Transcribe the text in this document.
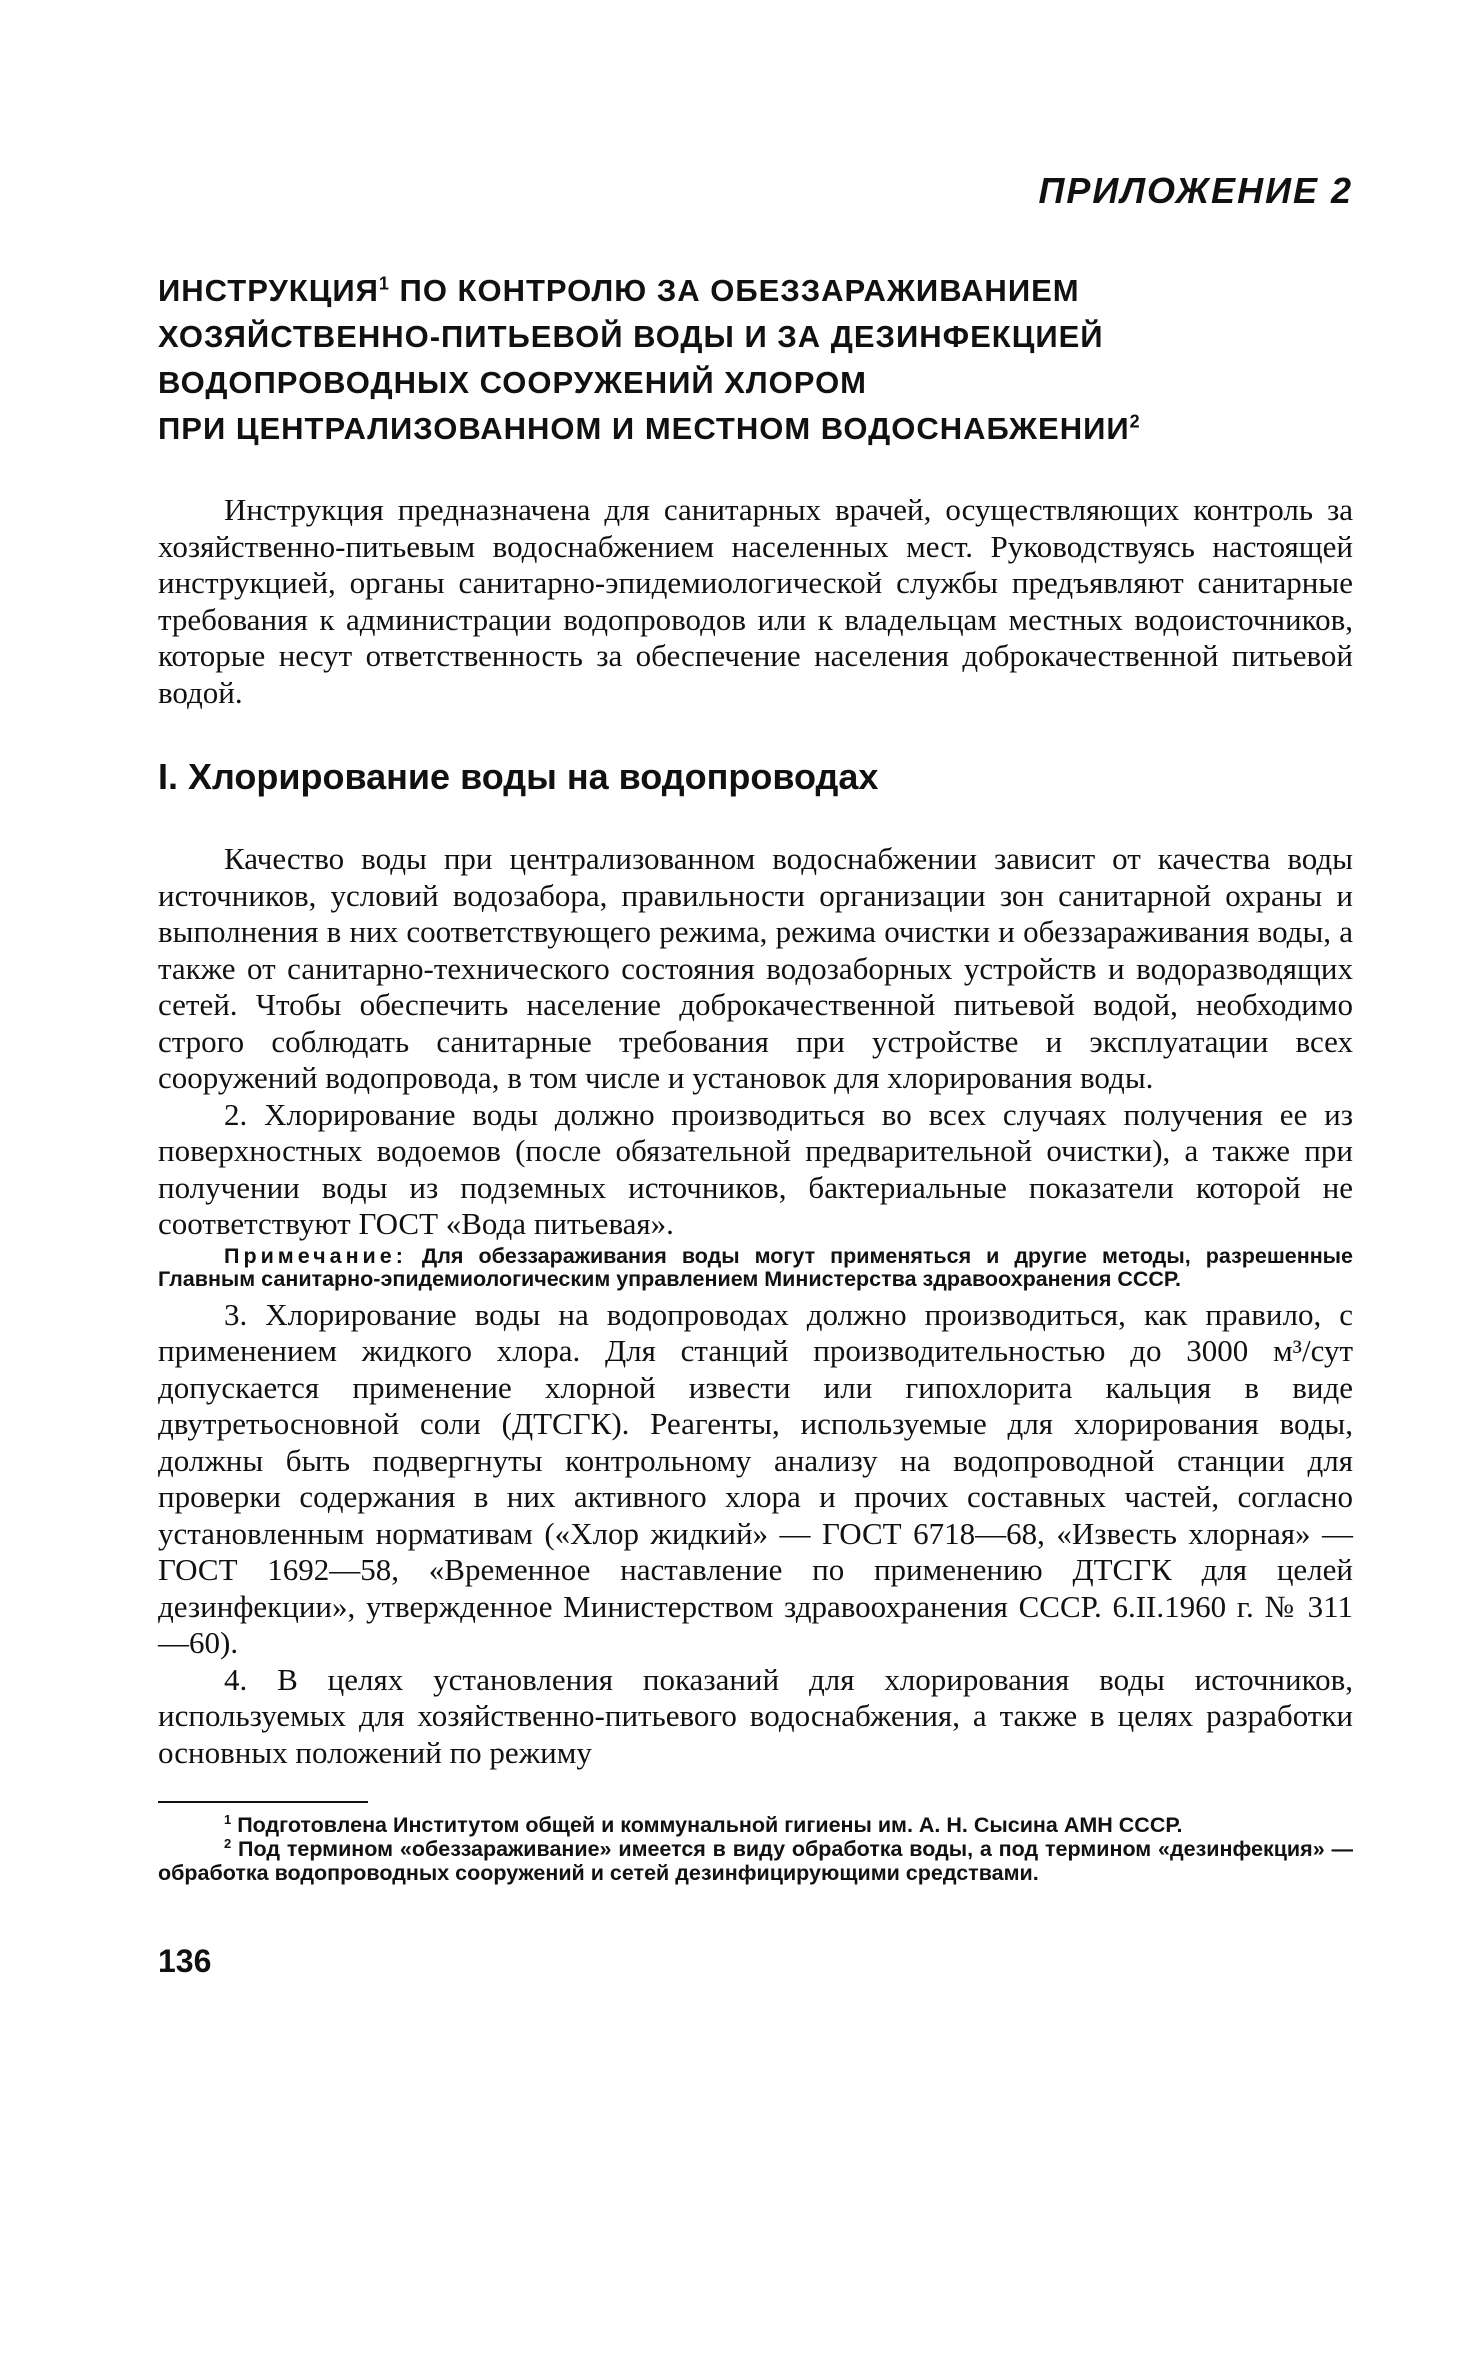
ПРИЛОЖЕНИЕ 2
ИНСТРУКЦИЯ$^1$ ПО КОНТРОЛЮ ЗА ОБЕЗЗАРАЖИВАНИЕМ
ХОЗЯЙСТВЕННО-ПИТЬЕВОЙ ВОДЫ И ЗА ДЕЗИНФЕКЦИЕЙ
ВОДОПРОВОДНЫХ СООРУЖЕНИЙ ХЛОРОМ
ПРИ ЦЕНТРАЛИЗОВАННОМ И МЕСТНОМ ВОДОСНАБЖЕНИИ$^2$

Инструкция предназначена для санитарных врачей, осуществляющих контроль за хозяйственно-питьевым водоснабжением населенных мест. Руководствуясь настоящей инструкцией, органы санитарно-эпидемиологической службы предъявляют санитарные требования к администрации водопроводов или к владельцам местных водоисточников, которые несут ответственность за обеспечение населения доброкачественной питьевой водой.

I. Хлорирование воды на водопроводах

Качество воды при централизованном водоснабжении зависит от качества воды источников, условий водозабора, правильности организации зон санитарной охраны и выполнения в них соответствующего режима, режима очистки и обеззараживания воды, а также от санитарно-технического состояния водозаборных устройств и водоразводящих сетей. Чтобы обеспечить население доброкачественной питьевой водой, необходимо строго соблюдать санитарные требования при устройстве и эксплуатации всех сооружений водопровода, в том числе и установок для хлорирования воды.

2. Хлорирование воды должно производиться во всех случаях получения ее из поверхностных водоемов (после обязательной предварительной очистки), а также при получении воды из подземных источников, бактериальные показатели которой не соответствуют ГОСТ «Вода питьевая».

Примечание: Для обеззараживания воды могут применяться и другие методы, разрешенные Главным санитарно-эпидемиологическим управлением Министерства здравоохранения СССР.

3. Хлорирование воды на водопроводах должно производиться, как правило, с применением жидкого хлора. Для станций производительностью до 3000 м³/сут допускается применение хлорной извести или гипохлорита кальция в виде двутретьосновной соли (ДТСГК). Реагенты, используемые для хлорирования воды, должны быть подвергнуты контрольному анализу на водопроводной станции для проверки содержания в них активного хлора и прочих составных частей, согласно установленным нормативам («Хлор жидкий» — ГОСТ 6718—68, «Известь хлорная» — ГОСТ 1692—58, «Временное наставление по применению ДТСГК для целей дезинфекции», утвержденное Министерством здравоохранения СССР. 6.II.1960 г. № 311—60).

4. В целях установления показаний для хлорирования воды источников, используемых для хозяйственно-питьевого водоснабжения, а также в целях разработки основных положений по режиму

$^1$ Подготовлена Институтом общей и коммунальной гигиены им. А. Н. Сысина АМН СССР.

$^2$ Под термином «обеззараживание» имеется в виду обработка воды, а под термином «дезинфекция» — обработка водопроводных сооружений и сетей дезинфицирующими средствами.

136
